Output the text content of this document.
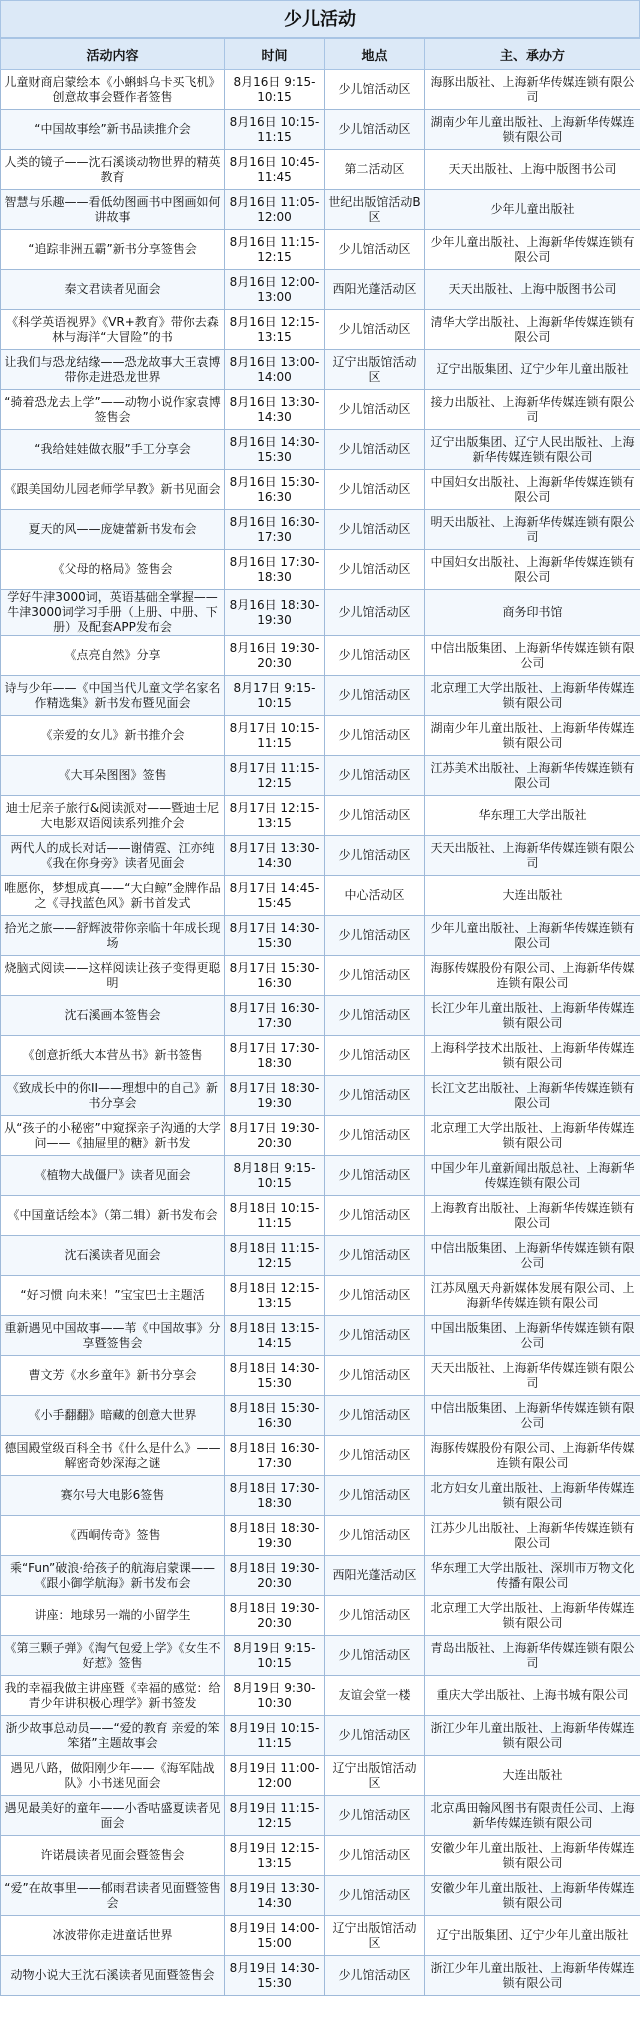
少儿活动
活动内容	时间	地点	主、承办方
儿童财商启蒙绘本《小蝌蚪乌卡买飞机》创意故事会暨作者签售	8月16日 9:15-10:15	少儿馆活动区	海豚出版社、上海新华传媒连锁有限公司
“中国故事绘”新书品读推介会	8月16日 10:15-11:15	少儿馆活动区	湖南少年儿童出版社、上海新华传媒连锁有限公司
人类的镜子——沈石溪谈动物世界的精英教育	8月16日 10:45-11:45	第二活动区	天天出版社、上海中版图书公司
智慧与乐趣——看低幼图画书中图画如何讲故事	8月16日 11:05-12:00	世纪出版馆活动B区	少年儿童出版社
“追踪非洲五霸”新书分享签售会	8月16日 11:15-12:15	少儿馆活动区	少年儿童出版社、上海新华传媒连锁有限公司
秦文君读者见面会	8月16日 12:00-13:00	西阳光蓬活动区	天天出版社、上海中版图书公司
《科学英语视界》《VR+教育》带你去森林与海洋“大冒险”的书	8月16日 12:15-13:15	少儿馆活动区	清华大学出版社、上海新华传媒连锁有限公司
让我们与恐龙结缘——恐龙故事大王袁博带你走进恐龙世界	8月16日 13:00-14:00	辽宁出版馆活动区	辽宁出版集团、辽宁少年儿童出版社
“骑着恐龙去上学”——动物小说作家袁博签售会	8月16日 13:30-14:30	少儿馆活动区	接力出版社、上海新华传媒连锁有限公司
“我给娃娃做衣服”手工分享会	8月16日 14:30-15:30	少儿馆活动区	辽宁出版集团、辽宁人民出版社、上海新华传媒连锁有限公司
《跟美国幼儿园老师学早教》新书见面会	8月16日 15:30-16:30	少儿馆活动区	中国妇女出版社、上海新华传媒连锁有限公司
夏天的风——庞婕蕾新书发布会	8月16日 16:30-17:30	少儿馆活动区	明天出版社、上海新华传媒连锁有限公司
《父母的格局》签售会	8月16日 17:30-18:30	少儿馆活动区	中国妇女出版社、上海新华传媒连锁有限公司
学好牛津3000词，英语基础全掌握——牛津3000词学习手册（上册、中册、下册）及配套APP发布会	8月16日 18:30-19:30	少儿馆活动区	商务印书馆
《点亮自然》分享	8月16日 19:30-20:30	少儿馆活动区	中信出版集团、上海新华传媒连锁有限公司
诗与少年——《中国当代儿童文学名家名作精选集》新书发布暨见面会	8月17日 9:15-10:15	少儿馆活动区	北京理工大学出版社、上海新华传媒连锁有限公司
《亲爱的女儿》新书推介会	8月17日 10:15-11:15	少儿馆活动区	湖南少年儿童出版社、上海新华传媒连锁有限公司
《大耳朵图图》签售	8月17日 11:15-12:15	少儿馆活动区	江苏美术出版社、上海新华传媒连锁有限公司
迪士尼亲子旅行&阅读派对——暨迪士尼大电影双语阅读系列推介会	8月17日 12:15-13:15	少儿馆活动区	华东理工大学出版社
两代人的成长对话——谢倩霓、江亦纯《我在你身旁》读者见面会	8月17日 13:30-14:30	少儿馆活动区	天天出版社、上海新华传媒连锁有限公司
唯愿你，梦想成真——“大白鲸”金牌作品之《寻找蓝色风》新书首发式	8月17日 14:45-15:45	中心活动区	大连出版社
拾光之旅——舒辉波带你亲临十年成长现场	8月17日 14:30-15:30	少儿馆活动区	少年儿童出版社、上海新华传媒连锁有限公司
烧脑式阅读——这样阅读让孩子变得更聪明	8月17日 15:30-16:30	少儿馆活动区	海豚传媒股份有限公司、上海新华传媒连锁有限公司
沈石溪画本签售会	8月17日 16:30-17:30	少儿馆活动区	长江少年儿童出版社、上海新华传媒连锁有限公司
《创意折纸大本营丛书》新书签售	8月17日 17:30-18:30	少儿馆活动区	上海科学技术出版社、上海新华传媒连锁有限公司
《致成长中的你II——理想中的自己》新书分享会	8月17日 18:30-19:30	少儿馆活动区	长江文艺出版社、上海新华传媒连锁有限公司
从“孩子的小秘密”中窥探亲子沟通的大学问——《抽屉里的糖》新书发	8月17日 19:30-20:30	少儿馆活动区	北京理工大学出版社、上海新华传媒连锁有限公司
《植物大战僵尸》读者见面会	8月18日 9:15-10:15	少儿馆活动区	中国少年儿童新闻出版总社、上海新华传媒连锁有限公司
《中国童话绘本》（第二辑）新书发布会	8月18日 10:15-11:15	少儿馆活动区	上海教育出版社、上海新华传媒连锁有限公司
沈石溪读者见面会	8月18日 11:15-12:15	少儿馆活动区	中信出版集团、上海新华传媒连锁有限公司
“好习惯 向未来！”宝宝巴士主题活	8月18日 12:15-13:15	少儿馆活动区	江苏凤凰天舟新媒体发展有限公司、上海新华传媒连锁有限公司
重新遇见中国故事——苇《中国故事》分享暨签售会	8月18日 13:15-14:15	少儿馆活动区	中国出版集团、上海新华传媒连锁有限公司
曹文芳《水乡童年》新书分享会	8月18日 14:30-15:30	少儿馆活动区	天天出版社、上海新华传媒连锁有限公司
《小手翻翻》暗藏的创意大世界	8月18日 15:30-16:30	少儿馆活动区	中信出版集团、上海新华传媒连锁有限公司
德国殿堂级百科全书《什么是什么》——解密奇妙深海之谜	8月18日 16:30-17:30	少儿馆活动区	海豚传媒股份有限公司、上海新华传媒连锁有限公司
赛尔号大电影6签售	8月18日 17:30-18:30	少儿馆活动区	北方妇女儿童出版社、上海新华传媒连锁有限公司
《西峒传奇》签售	8月18日 18:30-19:30	少儿馆活动区	江苏少儿出版社、上海新华传媒连锁有限公司
乘“Fun”破浪·给孩子的航海启蒙课——《跟小御学航海》新书发布会	8月18日 19:30-20:30	西阳光蓬活动区	华东理工大学出版社、深圳市万物文化传播有限公司
讲座：地球另一端的小留学生	8月18日 19:30-20:30	少儿馆活动区	北京理工大学出版社、上海新华传媒连锁有限公司
《第三颗子弹》《淘气包爱上学》《女生不好惹》签售	8月19日 9:15-10:15	少儿馆活动区	青岛出版社、上海新华传媒连锁有限公司
我的幸福我做主讲座暨《幸福的感觉：给青少年讲积极心理学》新书签发	8月19日 9:30-10:30	友谊会堂一楼	重庆大学出版社、上海书城有限公司
浙少故事总动员——“爱的教育 亲爱的笨笨猪”主题故事会	8月19日 10:15-11:15	少儿馆活动区	浙江少年儿童出版社、上海新华传媒连锁有限公司
遇见八路，做阳刚少年——《海军陆战队》小书迷见面会	8月19日 11:00-12:00	辽宁出版馆活动区	大连出版社
遇见最美好的童年——小香咕盛夏读者见面会	8月19日 11:15-12:15	少儿馆活动区	北京禹田翰风图书有限责任公司、上海新华传媒连锁有限公司
许诺晨读者见面会暨签售会	8月19日 12:15-13:15	少儿馆活动区	安徽少年儿童出版社、上海新华传媒连锁有限公司
“爱”在故事里——郁雨君读者见面暨签售会	8月19日 13:30-14:30	少儿馆活动区	安徽少年儿童出版社、上海新华传媒连锁有限公司
冰波带你走进童话世界	8月19日 14:00-15:00	辽宁出版馆活动区	辽宁出版集团、辽宁少年儿童出版社
动物小说大王沈石溪读者见面暨签售会	8月19日 14:30-15:30	少儿馆活动区	浙江少年儿童出版社、上海新华传媒连锁有限公司
